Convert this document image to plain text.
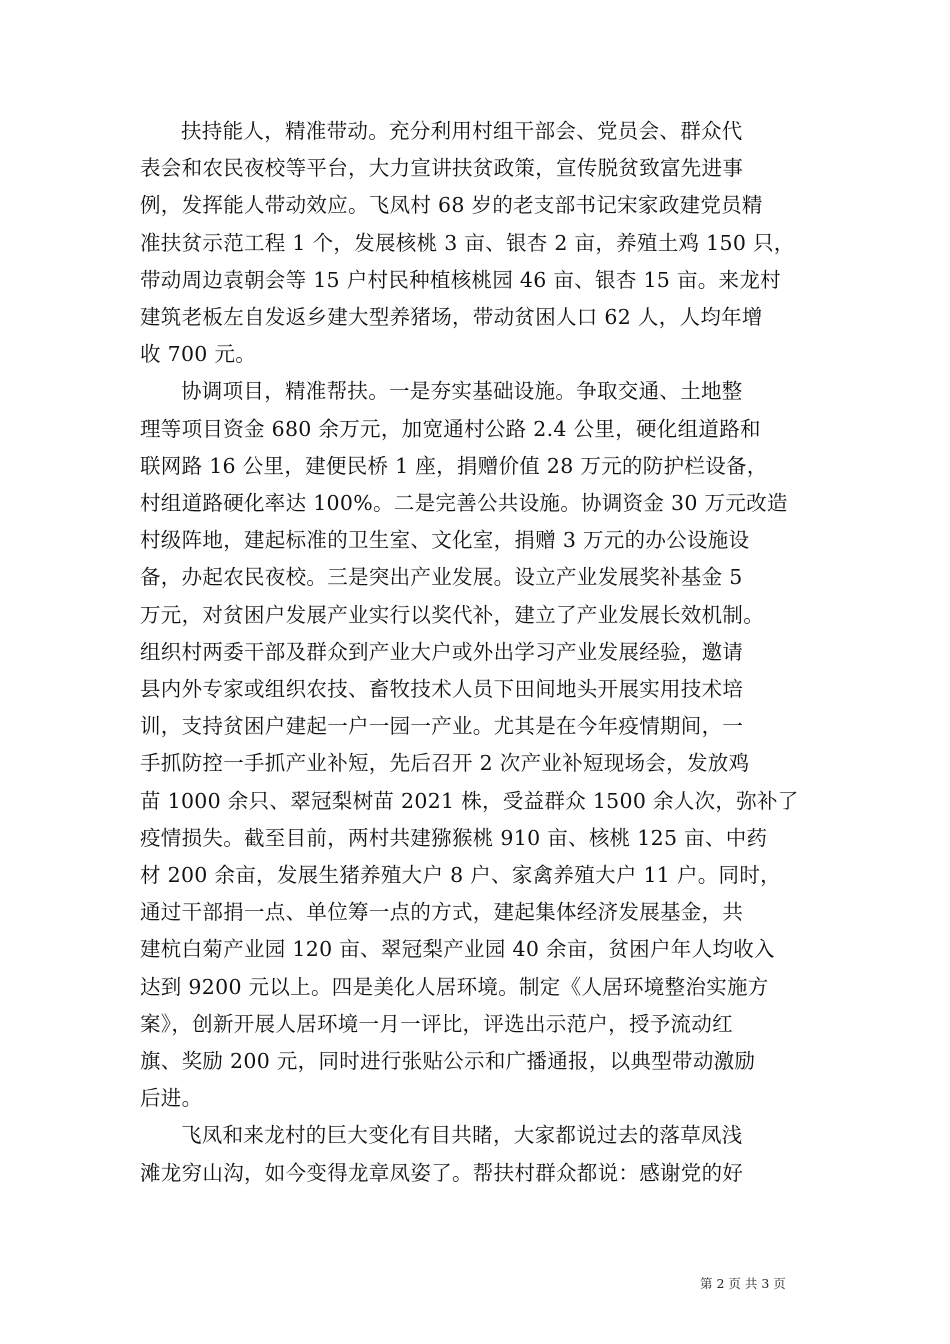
扶持能人，精准带动。充分利用村组干部会、党员会、群众代
表会和农民夜校等平台，大力宣讲扶贫政策，宣传脱贫致富先进事
例，发挥能人带动效应。飞凤村 68 岁的老支部书记宋家政建党员精
准扶贫示范工程 1 个，发展核桃 3 亩、银杏 2 亩，养殖土鸡 150 只，
带动周边袁朝会等 15 户村民种植核桃园 46 亩、银杏 15 亩。来龙村
建筑老板左自发返乡建大型养猪场，带动贫困人口 62 人，人均年增
收 700 元。

协调项目，精准帮扶。一是夯实基础设施。争取交通、土地整
理等项目资金 680 余万元，加宽通村公路 2.4 公里，硬化组道路和
联网路 16 公里，建便民桥 1 座，捐赠价值 28 万元的防护栏设备，
村组道路硬化率达 100%。二是完善公共设施。协调资金 30 万元改造
村级阵地，建起标准的卫生室、文化室，捐赠 3 万元的办公设施设
备，办起农民夜校。三是突出产业发展。设立产业发展奖补基金 5
万元，对贫困户发展产业实行以奖代补，建立了产业发展长效机制。
组织村两委干部及群众到产业大户或外出学习产业发展经验，邀请
县内外专家或组织农技、畜牧技术人员下田间地头开展实用技术培
训，支持贫困户建起一户一园一产业。尤其是在今年疫情期间，一
手抓防控一手抓产业补短，先后召开 2 次产业补短现场会，发放鸡
苗 1000 余只、翠冠梨树苗 2021 株，受益群众 1500 余人次，弥补了
疫情损失。截至目前，两村共建猕猴桃 910 亩、核桃 125 亩、中药
材 200 余亩，发展生猪养殖大户 8 户、家禽养殖大户 11 户。同时，
通过干部捐一点、单位筹一点的方式，建起集体经济发展基金，共
建杭白菊产业园 120 亩、翠冠梨产业园 40 余亩，贫困户年人均收入
达到 9200 元以上。四是美化人居环境。制定《人居环境整治实施方
案》，创新开展人居环境一月一评比，评选出示范户，授予流动红
旗、奖励 200 元，同时进行张贴公示和广播通报，以典型带动激励
后进。

飞凤和来龙村的巨大变化有目共睹，大家都说过去的落草凤浅
滩龙穷山沟，如今变得龙章凤姿了。帮扶村群众都说：感谢党的好

第 2 页 共 3 页
